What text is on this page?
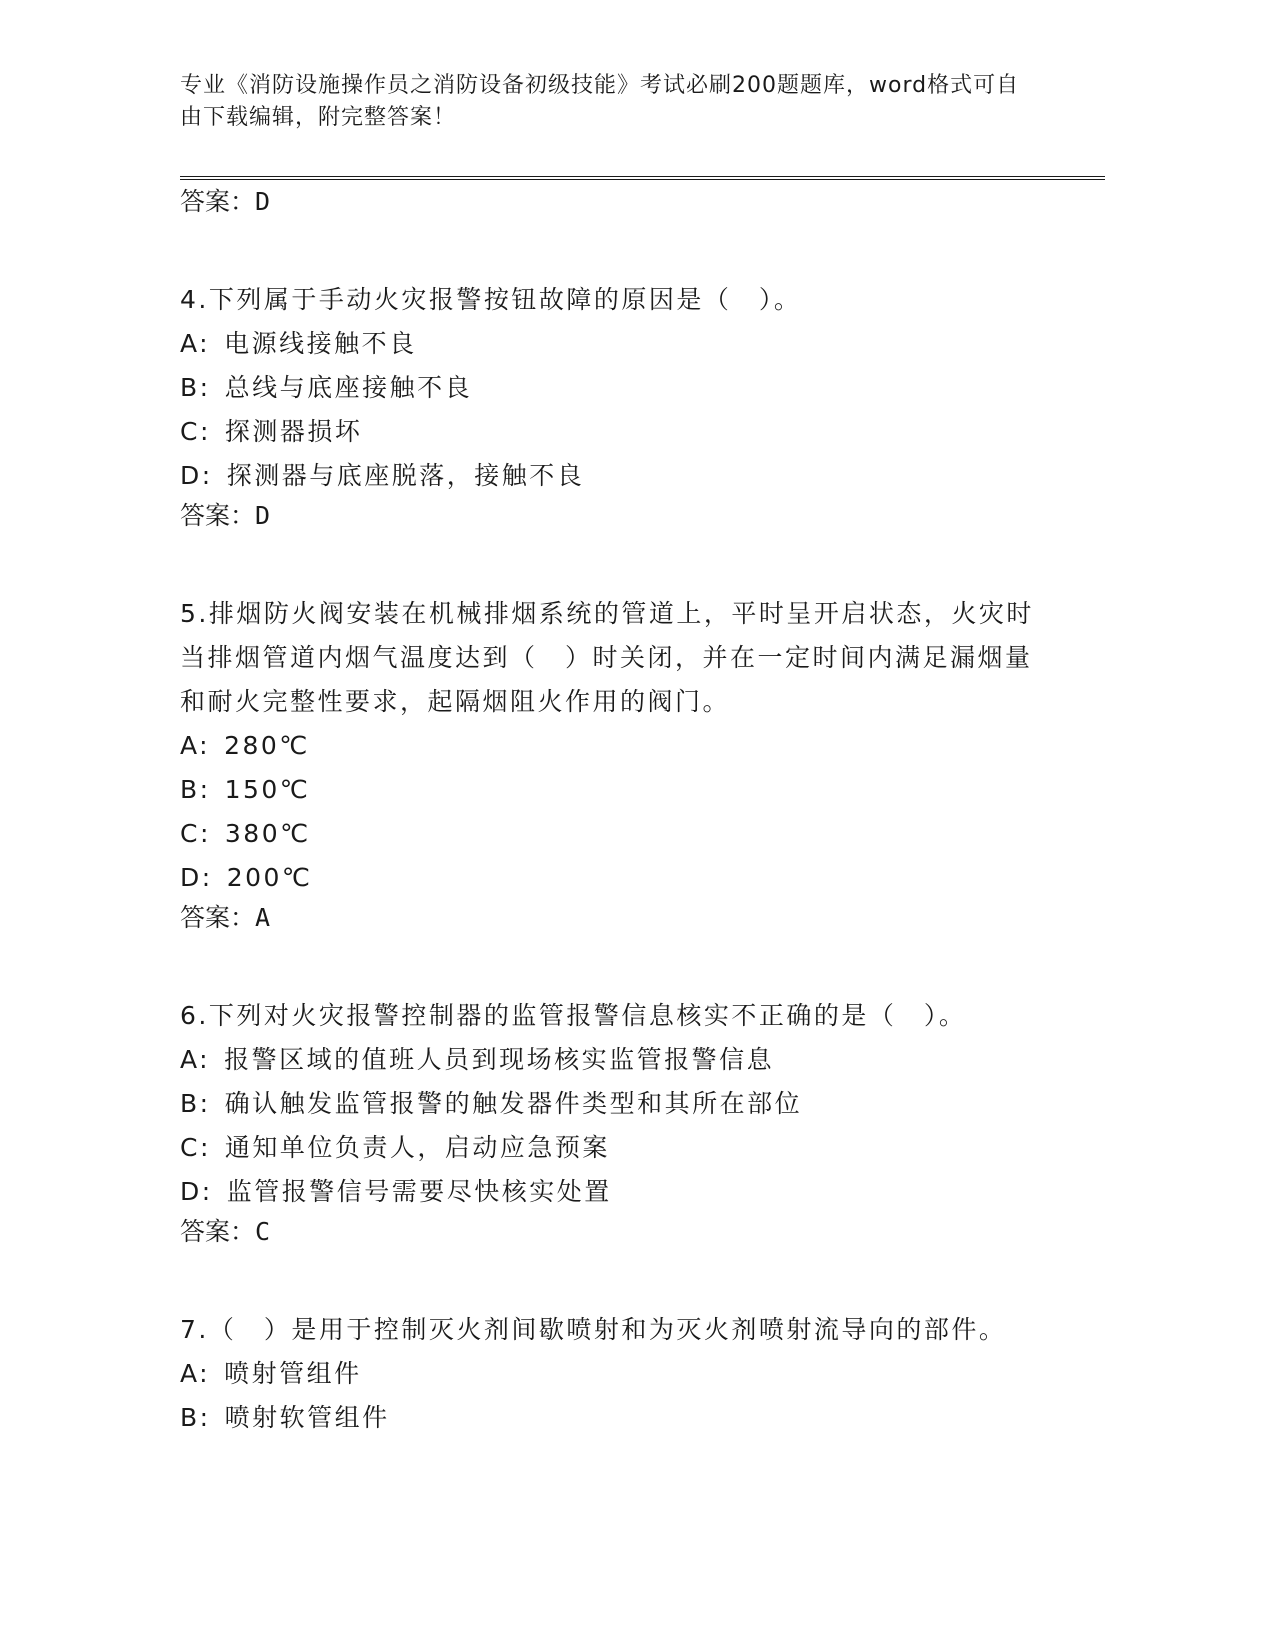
专业《消防设施操作员之消防设备初级技能》考试必刷200题题库，word格式可自由下载编辑，附完整答案！
答案：D
4.下列属于手动火灾报警按钮故障的原因是（　）。
A: 电源线接触不良
B: 总线与底座接触不良
C: 探测器损坏
D: 探测器与底座脱落，接触不良
答案：D
5.排烟防火阀安装在机械排烟系统的管道上，平时呈开启状态，火灾时当排烟管道内烟气温度达到（　）时关闭，并在一定时间内满足漏烟量和耐火完整性要求，起隔烟阻火作用的阀门。
A: 280℃
B: 150℃
C: 380℃
D: 200℃
答案：A
6.下列对火灾报警控制器的监管报警信息核实不正确的是（　）。
A: 报警区域的值班人员到现场核实监管报警信息
B: 确认触发监管报警的触发器件类型和其所在部位
C: 通知单位负责人，启动应急预案
D: 监管报警信号需要尽快核实处置
答案：C
7.（　）是用于控制灭火剂间歇喷射和为灭火剂喷射流导向的部件。
A: 喷射管组件
B: 喷射软管组件
